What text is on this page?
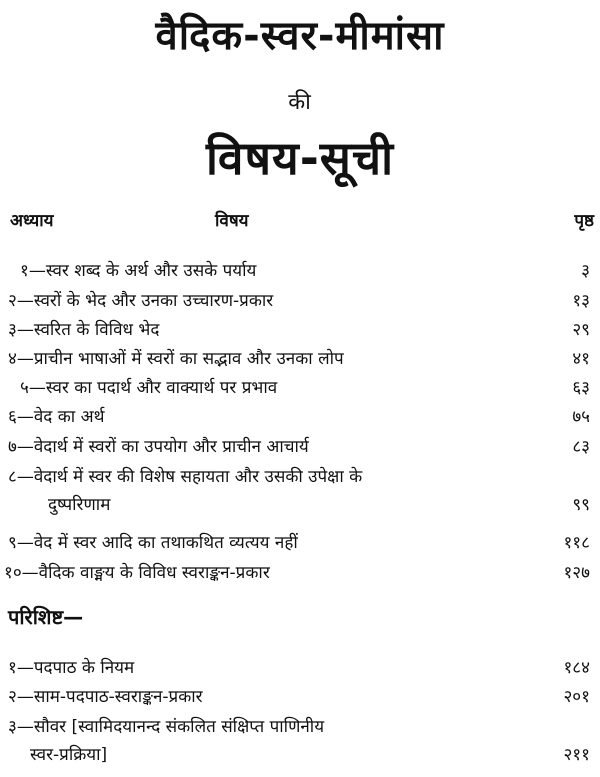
वैदिक-स्वर-मीमांसा
की
विषय-सूची
अध्याय	विषय	पृष्ठ
१—स्वर शब्द के अर्थ और उसके पर्याय	३
२—स्वरों के भेद और उनका उच्चारण-प्रकार	१३
३—स्वरित के विविध भेद	२९
४—प्राचीन भाषाओं में स्वरों का सद्भाव और उनका लोप	४१
५—स्वर का पदार्थ और वाक्यार्थ पर प्रभाव	६३
६—वेद का अर्थ	७५
७—वेदार्थ में स्वरों का उपयोग और प्राचीन आचार्य	८३
८—वेदार्थ में स्वर की विशेष सहायता और उसकी उपेक्षा के
दुष्परिणाम	९९
९—वेद में स्वर आदि का तथाकथित व्यत्यय नहीं	११८
१०—वैदिक वाङ्मय के विविध स्वराङ्कन-प्रकार	१२७
परिशिष्ट—
१—पदपाठ के नियम	१८४
२—साम-पदपाठ-स्वराङ्कन-प्रकार	२०१
३—सौवर [स्वामिदयानन्द संकलित संक्षिप्त पाणिनीय
स्वर-प्रक्रिया]	२११
